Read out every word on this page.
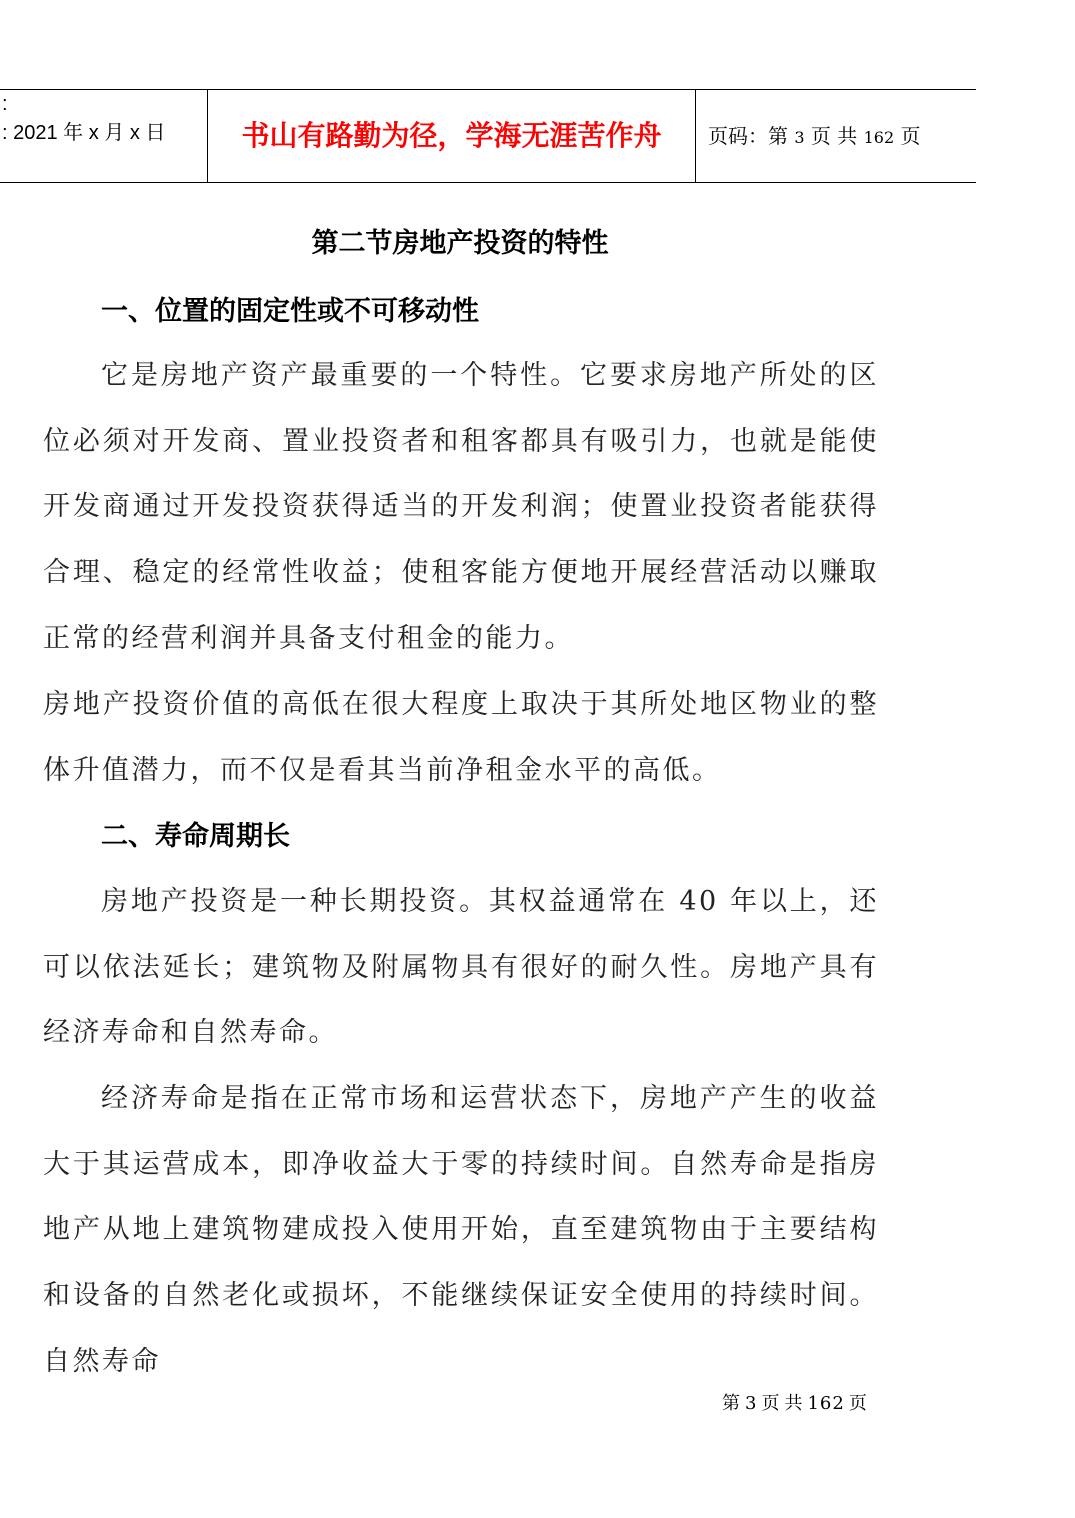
:
: 2021 年 x 月 x 日	书山有路勤为径，学海无涯苦作舟	页码：第 3 页 共 162 页
第二节房地产投资的特性
一、位置的固定性或不可移动性

它是房地产资产最重要的一个特性。它要求房地产所处的区位必须对开发商、置业投资者和租客都具有吸引力，也就是能使开发商通过开发投资获得适当的开发利润；使置业投资者能获得合理、稳定的经常性收益；使租客能方便地开展经营活动以赚取正常的经营利润并具备支付租金的能力。

房地产投资价值的高低在很大程度上取决于其所处地区物业的整体升值潜力，而不仅是看其当前净租金水平的高低。

二、寿命周期长

房地产投资是一种长期投资。其权益通常在 40 年以上，还可以依法延长；建筑物及附属物具有很好的耐久性。房地产具有经济寿命和自然寿命。

经济寿命是指在正常市场和运营状态下，房地产产生的收益大于其运营成本，即净收益大于零的持续时间。自然寿命是指房地产从地上建筑物建成投入使用开始，直至建筑物由于主要结构和设备的自然老化或损坏，不能继续保证安全使用的持续时间。自然寿命

第 3 页 共 162 页
